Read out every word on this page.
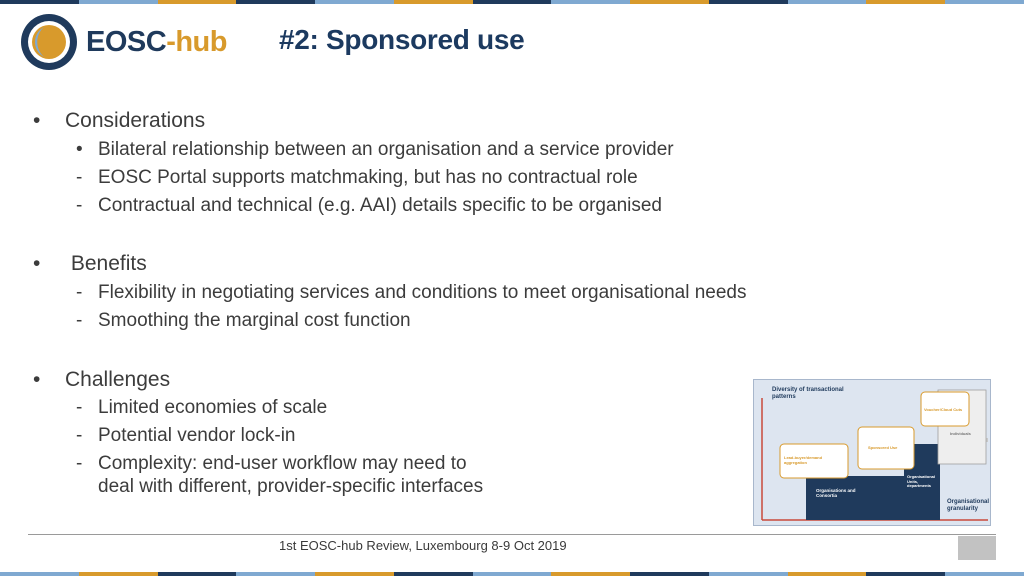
EOSC-hub #2: Sponsored use
• Considerations
• Bilateral relationship between an organisation and a service provider
- EOSC Portal supports matchmaking, but has no contractual role
- Contractual and technical (e.g. AAI) details specific to be organised
• Benefits
- Flexibility in negotiating services and conditions to meet organisational needs
- Smoothing the marginal cost function
• Challenges
- Limited economies of scale
- Potential vendor lock-in
- Complexity: end-user workflow may need to
deal with different, provider-specific interfaces
Diversity of transactional patterns
Organisational granularity
Organisations and Consortia
Organisational Units, departments
Voucher/Cloud Cuts
Sponsored Use
Lead-buyer/demand aggregation
Individuals
1st EOSC-hub Review, Luxembourg 8-9 Oct 2019
